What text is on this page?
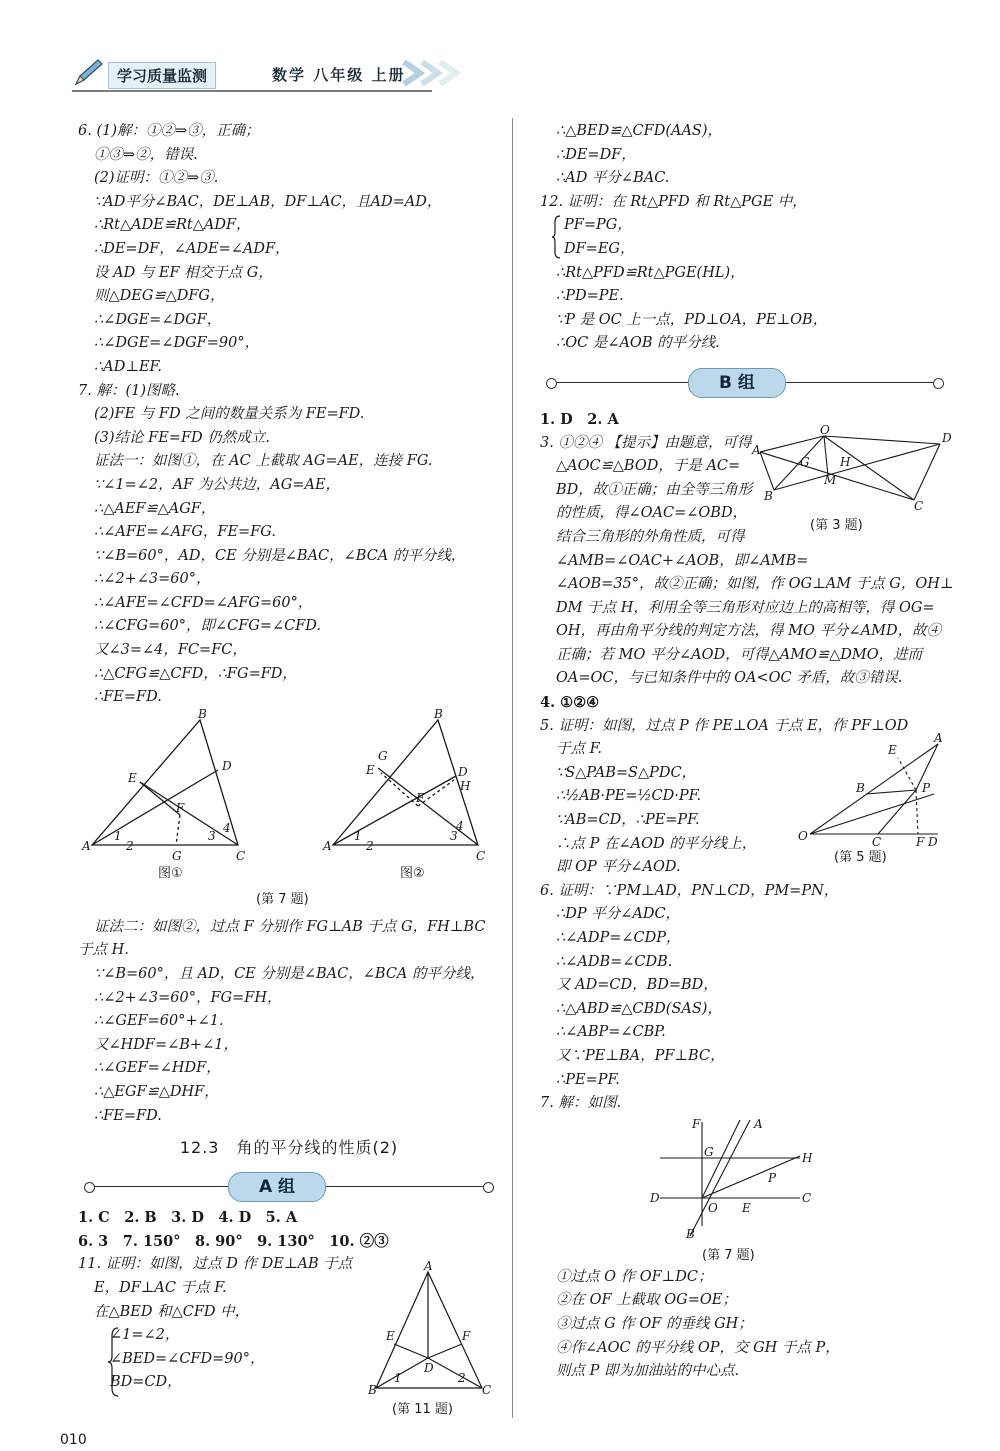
学习质量监测	数学 八年级 上册
6. (1)解：①②⇒③，正确；
①③⇒②，错误.
(2)证明：①②⇒③.
∵AD平分∠BAC，DE⊥AB，DF⊥AC，且AD=AD，
∴Rt△ADE≌Rt△ADF，
∴DE=DF，∠ADE=∠ADF，
设 AD 与 EF 相交于点 G，
则△DEG≌△DFG，
∴∠DGE=∠DGF，
∴∠DGE=∠DGF=90°，
∴AD⊥EF.
7. 解：(1)图略.
(2)FE 与 FD 之间的数量关系为 FE=FD.
(3)结论 FE=FD 仍然成立.
证法一：如图①，在 AC 上截取 AG=AE，连接 FG.
∵∠1=∠2，AF 为公共边，AG=AE，
∴△AEF≌△AGF，
∴∠AFE=∠AFG，FE=FG.
∵∠B=60°，AD，CE 分别是∠BAC，∠BCA 的平分线，
∴∠2+∠3=60°，
∴∠AFE=∠CFD=∠AFG=60°，
∴∠CFG=60°，即∠CFG=∠CFD.
又∠3=∠4，FC=FC，
∴△CFG≌△CFD，∴FG=FD，
∴FE=FD.
A
B
C
D
E
F
G
1
2
3
4
A
B
C
D
E
G
F
H
1
2
3
4
图①	图②
(第 7 题)
证法二：如图②，过点 F 分别作 FG⊥AB 于点 G，FH⊥BC
于点 H.
∵∠B=60°，且 AD，CE 分别是∠BAC，∠BCA 的平分线，
∴∠2+∠3=60°，FG=FH，
∴∠GEF=60°+∠1.
又∠HDF=∠B+∠1，
∴∠GEF=∠HDF，
∴△EGF≌△DHF，
∴FE=FD.
12.3　角的平分线的性质(2)
A 组
1. C　2. B　3. D　4. D　5. A
6. 3　7. 150°　8. 90°　9. 130°　10. ②③
11. 证明：如图，过点 D 作 DE⊥AB 于点
E，DF⊥AC 于点 F.
在△BED 和△CFD 中，
∠1=∠2，
∠BED=∠CFD=90°，
BD=CD，
A
B	C
D
E	F
1	2
(第 11 题)
∴△BED≌△CFD(AAS)，
∴DE=DF，
∴AD 平分∠BAC.
12. 证明：在 Rt△PFD 和 Rt△PGE 中，
PF=PG，
DF=EG，
∴Rt△PFD≌Rt△PGE(HL)，
∴PD=PE.
∵P 是 OC 上一点，PD⊥OA，PE⊥OB，
∴OC 是∠AOB 的平分线.
B 组
1. D　2. A
3. ①②④ 【提示】由题意，可得
△AOC≌△BOD，于是 AC=
BD，故①正确；由全等三角形
的性质，得∠OAC=∠OBD，
结合三角形的外角性质，可得
∠AMB=∠OAC+∠AOB，即∠AMB=
∠AOB=35°，故②正确；如图，作 OG⊥AM 于点 G，OH⊥
DM 于点 H，利用全等三角形对应边上的高相等，得 OG=
OH，再由角平分线的判定方法，得 MO 平分∠AMD，故④
正确；若 MO 平分∠AOD，可得△AMO≌△DMO，进而
OA=OC，与已知条件中的 OA<OC 矛盾，故③错误.
4. ①②④
5. 证明：如图，过点 P 作 PE⊥OA 于点 E，作 PF⊥OD
于点 F.
∵S△PAB=S△PDC，
∴½AB·PE=½CD·PF.
∵AB=CD，∴PE=PF.
∴点 P 在∠AOD 的平分线上，
即 OP 平分∠AOD.
6. 证明：∵PM⊥AD，PN⊥CD，PM=PN，
∴DP 平分∠ADC，
∴∠ADP=∠CDP，
∴∠ADB=∠CDB.
又 AD=CD，BD=BD，
∴△ABD≌△CBD(SAS)，
∴∠ABP=∠CBP.
又∵PE⊥BA，PF⊥BC，
∴PE=PF.
7. 解：如图.
O
D
A
G	H
M
B
C
(第 3 题)
A
E
B	P
O	C	F D
(第 5 题)
F	A
G	H
P
D
O E
C
B
(第 7 题)
①过点 O 作 OF⊥DC；
②在 OF 上截取 OG=OE；
③过点 G 作 OF 的垂线 GH；
④作∠AOC 的平分线 OP，交 GH 于点 P，
则点 P 即为加油站的中心点.
010
